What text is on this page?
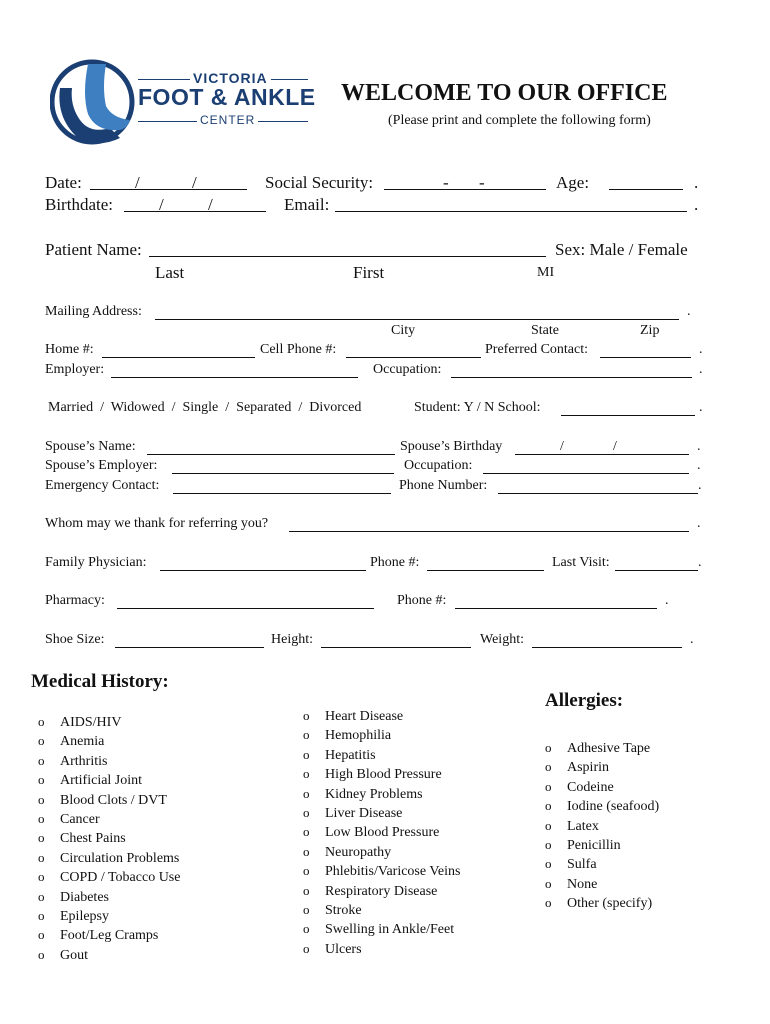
VICTORIA
FOOT & ANKLE
CENTER
WELCOME TO OUR OFFICE
(Please print and complete the following form)
Date:	/	/	Social Security:	- -	Age:	.
Birthdate:	/	/	Email:	.
Patient Name:	Sex: Male / Female
Last	First	MI
Mailing Address:	.
City	State	Zip
Home #:	Cell Phone #:	Preferred Contact:	.
Employer:	Occupation:	.
Married  /  Widowed  /  Single  /  Separated  /  Divorced	Student: Y / N School:	.
Spouse’s Name:	Spouse’s Birthday	/	/	.
Spouse’s Employer:	Occupation:	.
Emergency Contact:	Phone Number:	.
Whom may we thank for referring you?	.
Family Physician:	Phone #:	Last Visit:	.
Pharmacy:	Phone #:	.
Shoe Size:	Height:	Weight:	.
Medical History:
o AIDS/HIV
o Anemia
o Arthritis
o Artificial Joint
o Blood Clots / DVT
o Cancer
o Chest Pains
o Circulation Problems
o COPD / Tobacco Use
o Diabetes
o Epilepsy
o Foot/Leg Cramps
o Gout
o Heart Disease
o Hemophilia
o Hepatitis
o High Blood Pressure
o Kidney Problems
o Liver Disease
o Low Blood Pressure
o Neuropathy
o Phlebitis/Varicose Veins
o Respiratory Disease
o Stroke
o Swelling in Ankle/Feet
o Ulcers
Allergies:
o Adhesive Tape
o Aspirin
o Codeine
o Iodine (seafood)
o Latex
o Penicillin
o Sulfa
o None
o Other (specify)
